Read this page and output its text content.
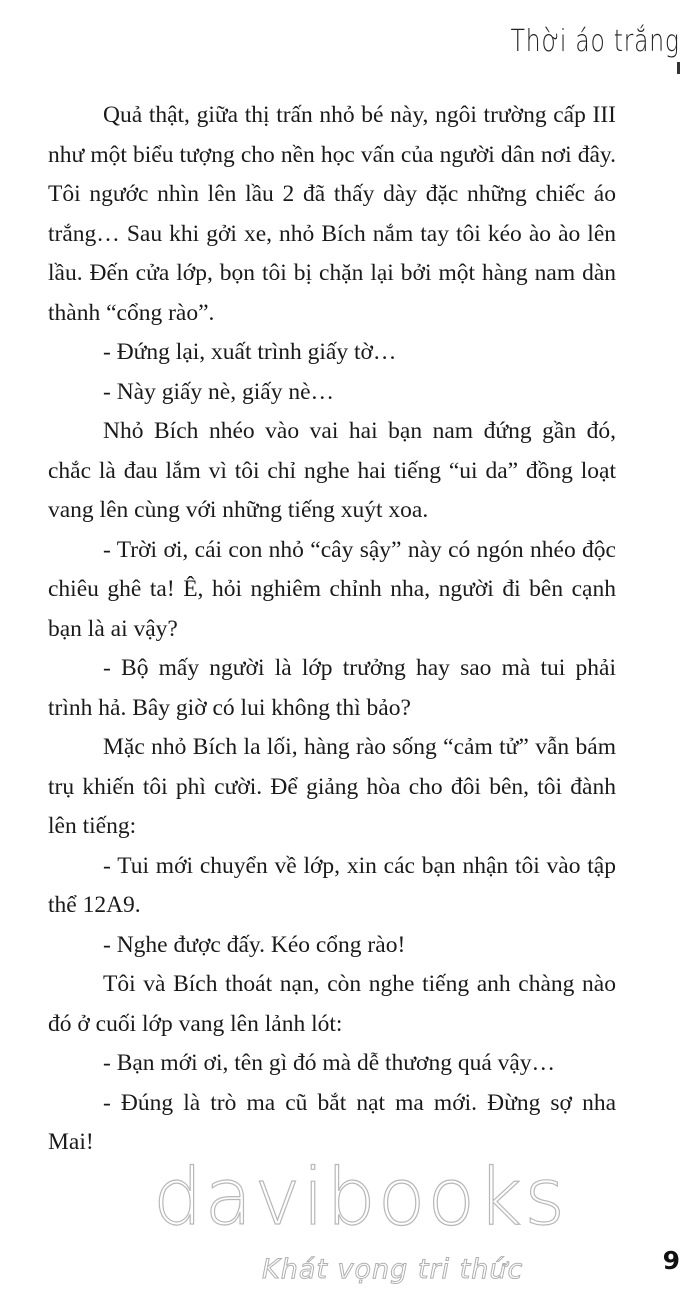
Thời áo trắng

Quả thật, giữa thị trấn nhỏ bé này, ngôi trường cấp III như một biểu tượng cho nền học vấn của người dân nơi đây. Tôi ngước nhìn lên lầu 2 đã thấy dày đặc những chiếc áo trắng… Sau khi gởi xe, nhỏ Bích nắm tay tôi kéo ào ào lên lầu. Đến cửa lớp, bọn tôi bị chặn lại bởi một hàng nam dàn thành “cổng rào”.

- Đứng lại, xuất trình giấy tờ…

- Này giấy nè, giấy nè…

Nhỏ Bích nhéo vào vai hai bạn nam đứng gần đó, chắc là đau lắm vì tôi chỉ nghe hai tiếng “ui da” đồng loạt vang lên cùng với những tiếng xuýt xoa.

- Trời ơi, cái con nhỏ “cây sậy” này có ngón nhéo độc chiêu ghê ta! Ê, hỏi nghiêm chỉnh nha, người đi bên cạnh bạn là ai vậy?

- Bộ mấy người là lớp trưởng hay sao mà tui phải trình hả. Bây giờ có lui không thì bảo?

Mặc nhỏ Bích la lối, hàng rào sống “cảm tử” vẫn bám trụ khiến tôi phì cười. Để giảng hòa cho đôi bên, tôi đành lên tiếng:

- Tui mới chuyển về lớp, xin các bạn nhận tôi vào tập thể 12A9.

- Nghe được đấy. Kéo cổng rào!

Tôi và Bích thoát nạn, còn nghe tiếng anh chàng nào đó ở cuối lớp vang lên lảnh lót:

- Bạn mới ơi, tên gì đó mà dễ thương quá vậy…

- Đúng là trò ma cũ bắt nạt ma mới. Đừng sợ nha Mai!

davibooks
Khát vọng tri thức	9
